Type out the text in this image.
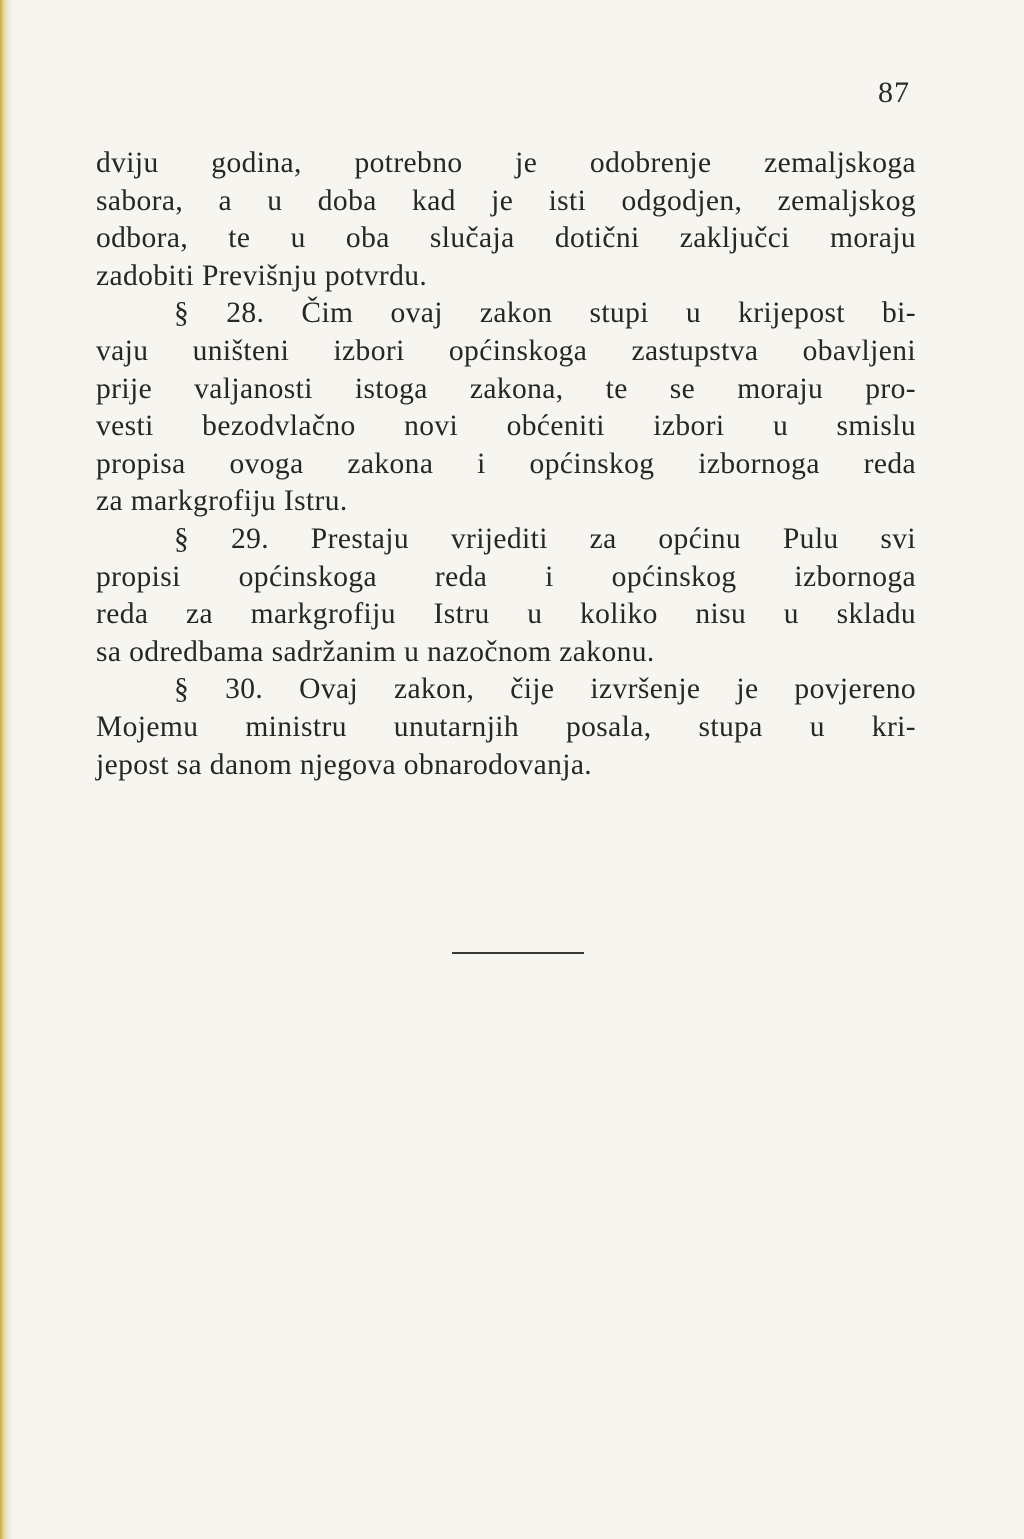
87
dviju godina, potrebno je odobrenje zemaljskoga
sabora, a u doba kad je isti odgodjen, zemaljskog
odbora, te u oba slučaja dotični zaključci moraju
zadobiti Previšnju potvrdu.
§ 28. Čim ovaj zakon stupi u krijepost bi-
vaju uništeni izbori općinskoga zastupstva obavljeni
prije valjanosti istoga zakona, te se moraju pro-
vesti bezodvlačno novi obćeniti izbori u smislu
propisa ovoga zakona i općinskog izbornoga reda
za markgrofiju Istru.
§ 29. Prestaju vrijediti za općinu Pulu svi
propisi općinskoga reda i općinskog izbornoga
reda za markgrofiju Istru u koliko nisu u skladu
sa odredbama sadržanim u nazočnom zakonu.
§ 30. Ovaj zakon, čije izvršenje je povjereno
Mojemu ministru unutarnjih posala, stupa u kri-
jepost sa danom njegova obnarodovanja.
